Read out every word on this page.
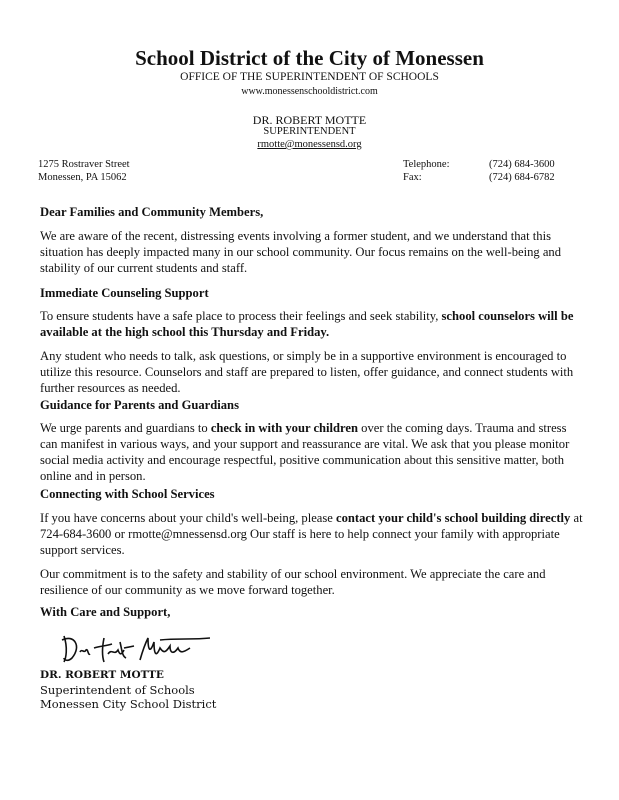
School District of the City of Monessen
OFFICE OF THE SUPERINTENDENT OF SCHOOLS
www.monessenschooldistrict.com
DR. ROBERT MOTTE
SUPERINTENDENT
rmotte@monessensd.org
1275 Rostraver Street
Monessen, PA 15062
Telephone:
Fax:
(724) 684-3600
(724) 684-6782
Dear Families and Community Members,
We are aware of the recent, distressing events involving a former student, and we understand that this situation has deeply impacted many in our school community. Our focus remains on the well-being and stability of our current students and staff.
Immediate Counseling Support
To ensure students have a safe place to process their feelings and seek stability, school counselors will be available at the high school this Thursday and Friday.
Any student who needs to talk, ask questions, or simply be in a supportive environment is encouraged to utilize this resource. Counselors and staff are prepared to listen, offer guidance, and connect students with further resources as needed.
Guidance for Parents and Guardians
We urge parents and guardians to check in with your children over the coming days. Trauma and stress can manifest in various ways, and your support and reassurance are vital. We ask that you please monitor social media activity and encourage respectful, positive communication about this sensitive matter, both online and in person.
Connecting with School Services
If you have concerns about your child's well-being, please contact your child's school building directly at 724-684-3600 or rmotte@mnessensd.org Our staff is here to help connect your family with appropriate support services.
Our commitment is to the safety and stability of our school environment. We appreciate the care and resilience of our community as we move forward together.
With Care and Support,
DR. ROBERT MOTTE
Superintendent of Schools
Monessen City School District
